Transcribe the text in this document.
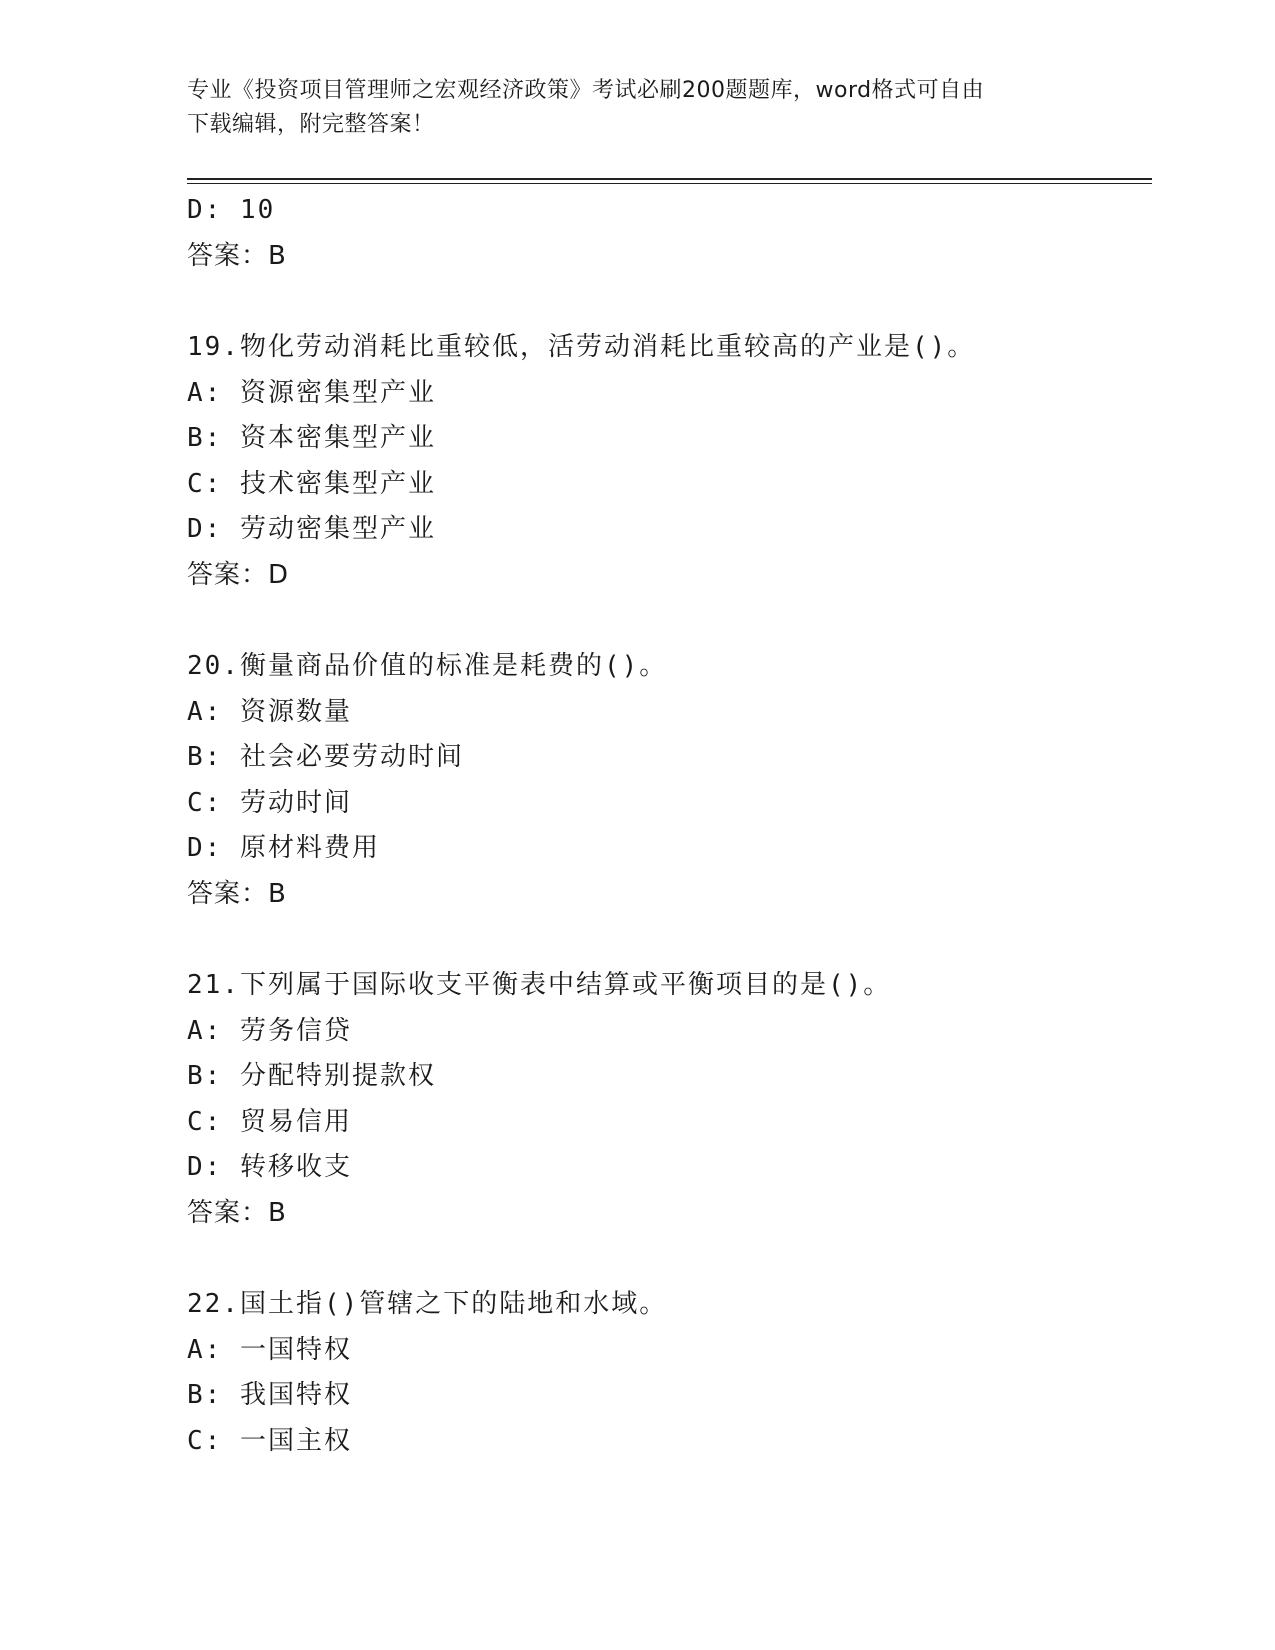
专业《投资项目管理师之宏观经济政策》考试必刷200题题库，word格式可自由
下载编辑，附完整答案！
D: 10
答案：B
19.物化劳动消耗比重较低，活劳动消耗比重较高的产业是()。
A: 资源密集型产业
B: 资本密集型产业
C: 技术密集型产业
D: 劳动密集型产业
答案：D
20.衡量商品价值的标准是耗费的()。
A: 资源数量
B: 社会必要劳动时间
C: 劳动时间
D: 原材料费用
答案：B
21.下列属于国际收支平衡表中结算或平衡项目的是()。
A: 劳务信贷
B: 分配特别提款权
C: 贸易信用
D: 转移收支
答案：B
22.国土指()管辖之下的陆地和水域。
A: 一国特权
B: 我国特权
C: 一国主权
